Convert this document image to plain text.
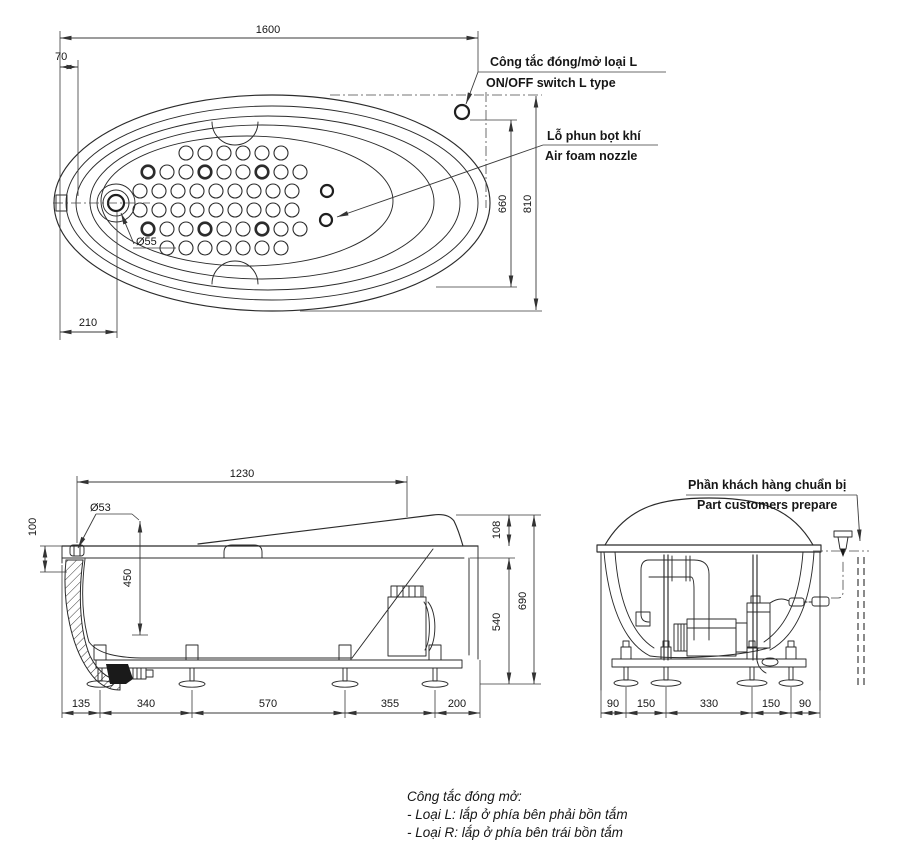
Công tắc đóng/mở loại L
ON/OFF switch L type
Lỗ phun bọt khí
Air foam nozzle
1600
70
210
Ø55
660 810
1230
Ø53
100
450
108
540
690
135	340	570	355	200
Phần khách hàng chuẩn bị
Part customers prepare
90 150	330	150 90
Công tắc đóng mở:
- Loại L: lắp ở phía bên phải bồn tắm
- Loại R: lắp ở phía bên trái bồn tắm
